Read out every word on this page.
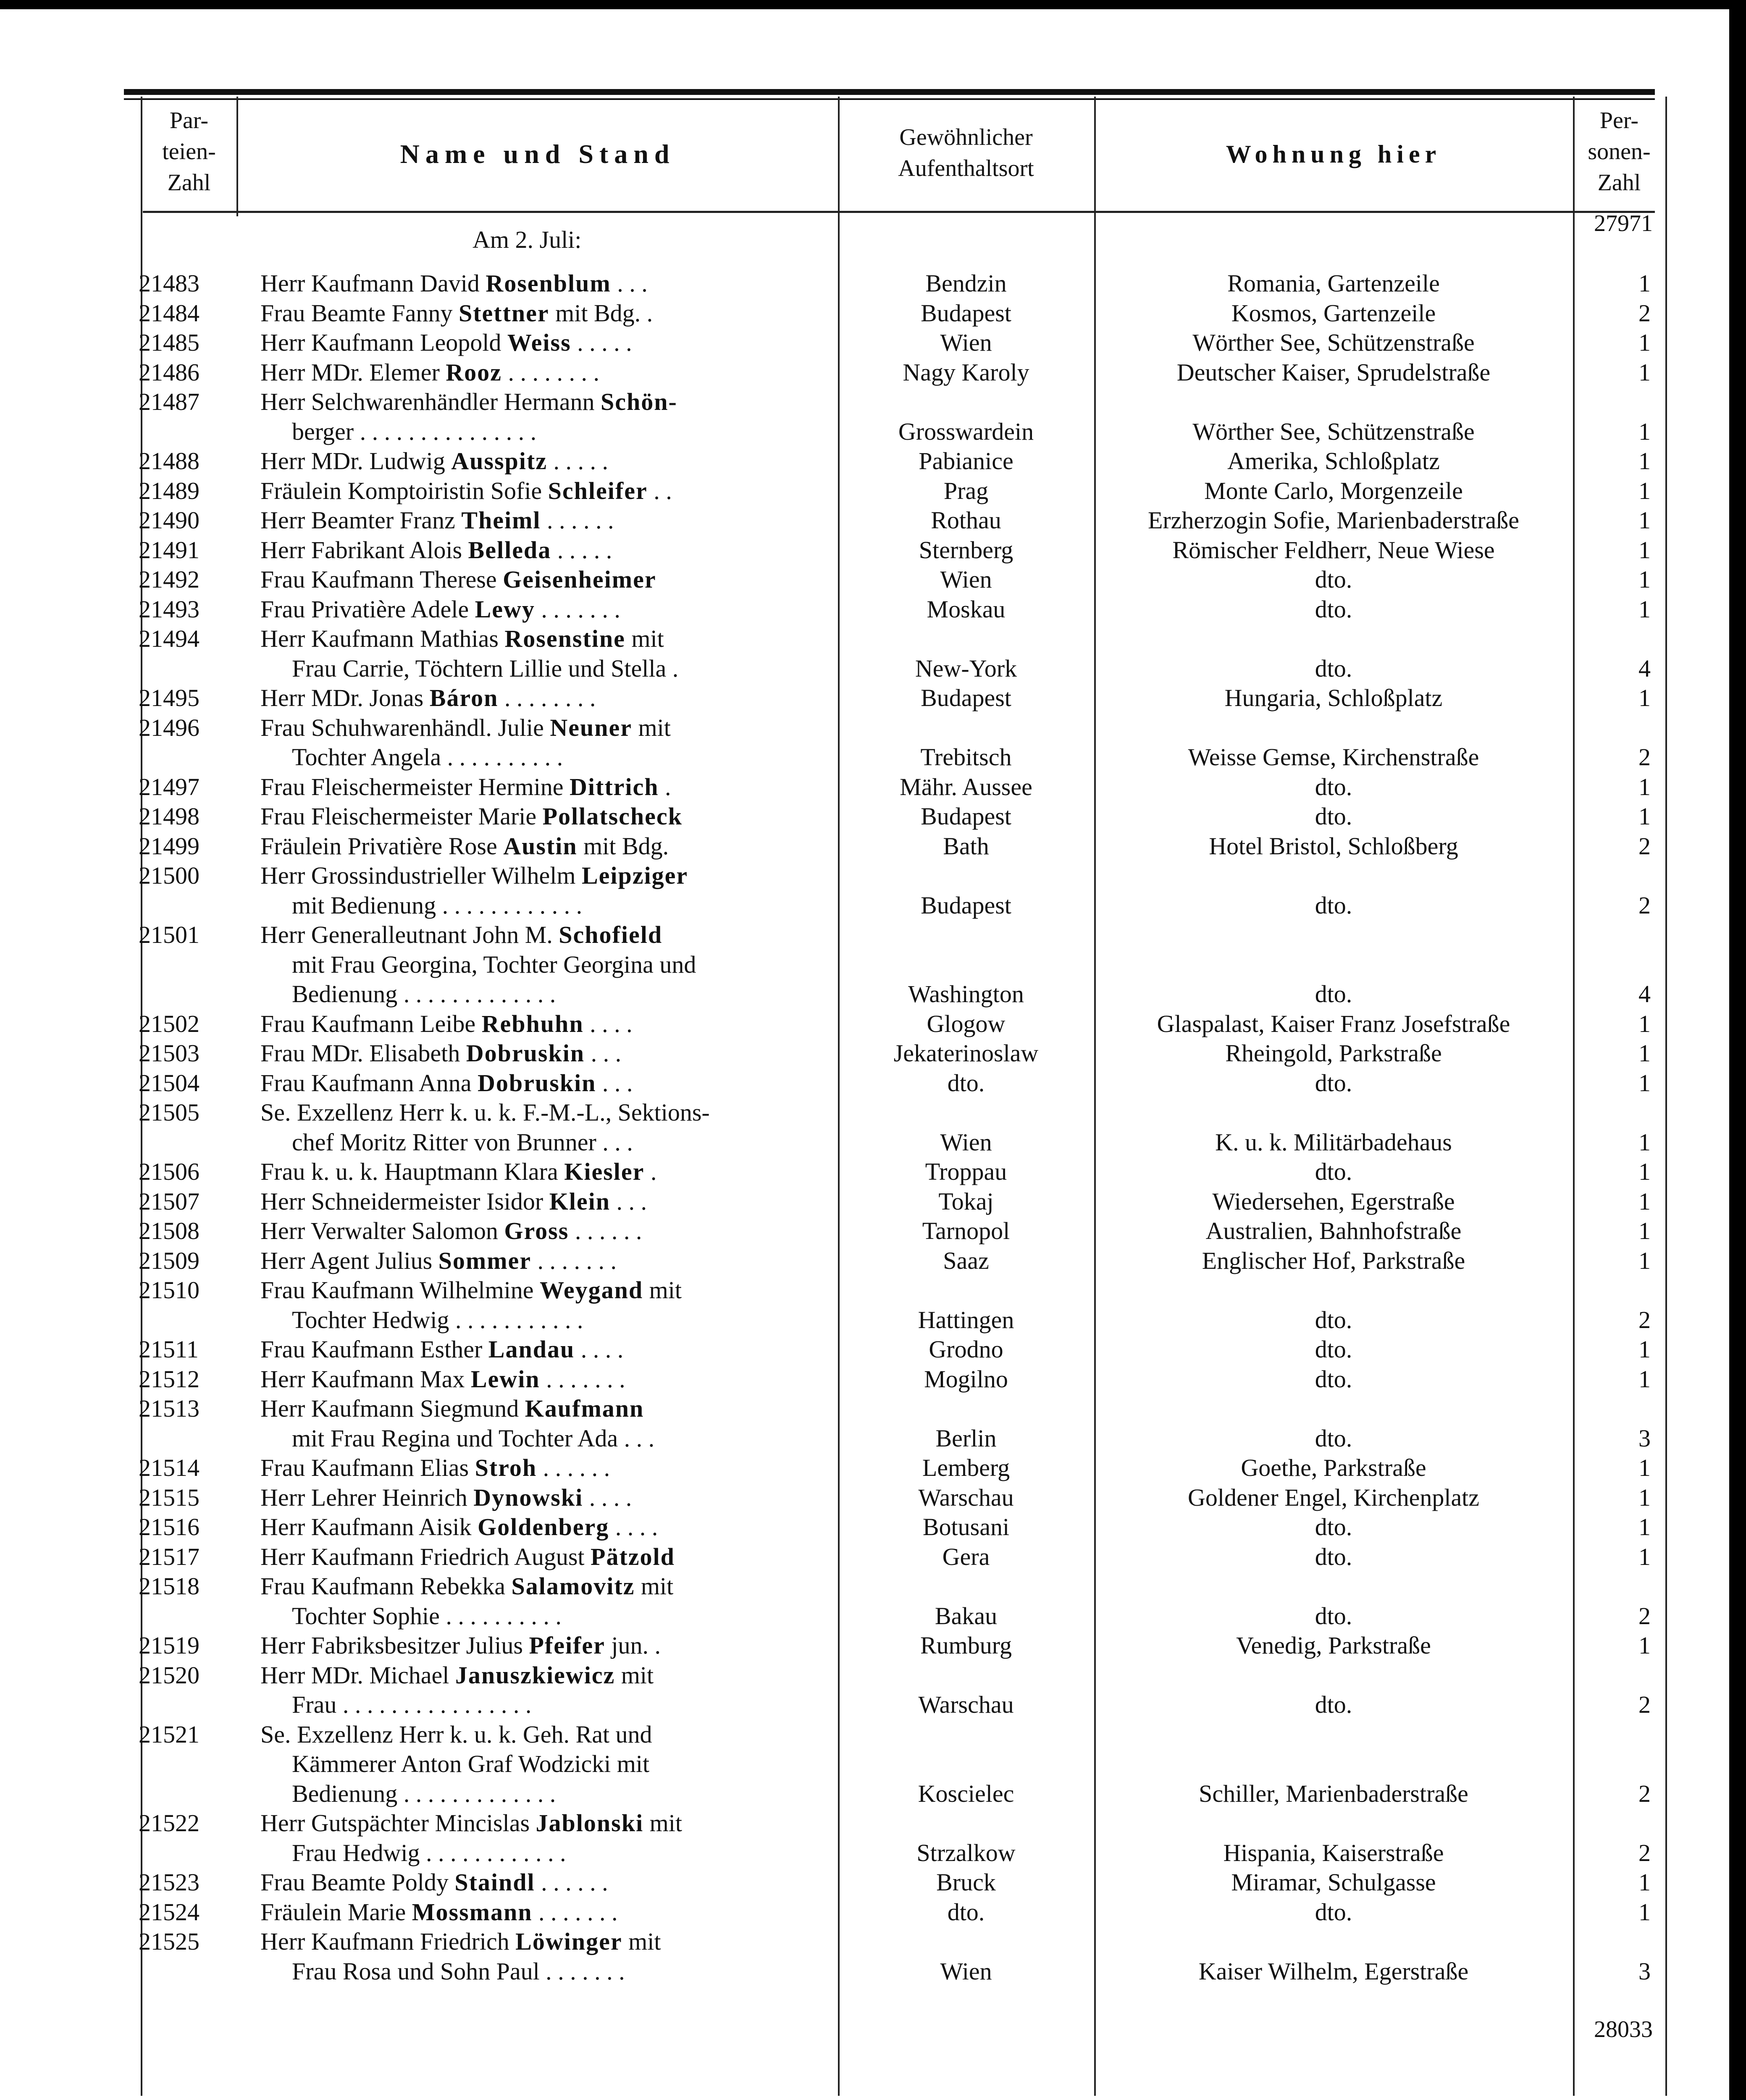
Par-
teien-
Zahl
Name und Stand
Gewöhnlicher
Aufenthaltsort
Wohnung hier
Per-
sonen-
Zahl
Am 2. Juli:
27971
28033
21483	Herr Kaufmann David Rosenblum . . .	Bendzin	Romania, Gartenzeile	1
21484	Frau Beamte Fanny Stettner mit Bdg. .	Budapest	Kosmos, Gartenzeile	2
21485	Herr Kaufmann Leopold Weiss . . . . .	Wien	Wörther See, Schützenstraße	1
21486	Herr MDr. Elemer Rooz . . . . . . . .	Nagy Karoly	Deutscher Kaiser, Sprudelstraße	1
21487	Herr Selchwarenhändler Hermann Schön-
berger . . . . . . . . . . . . . . .	Grosswardein	Wörther See, Schützenstraße	1
21488	Herr MDr. Ludwig Ausspitz . . . . .	Pabianice	Amerika, Schloßplatz	1
21489	Fräulein Komptoiristin Sofie Schleifer . .	Prag	Monte Carlo, Morgenzeile	1
21490	Herr Beamter Franz Theiml . . . . . .	Rothau	Erzherzogin Sofie, Marienbaderstraße	1
21491	Herr Fabrikant Alois Belleda . . . . .	Sternberg	Römischer Feldherr, Neue Wiese	1
21492	Frau Kaufmann Therese Geisenheimer	Wien	dto.	1
21493	Frau Privatière Adele Lewy . . . . . . .	Moskau	dto.	1
21494	Herr Kaufmann Mathias Rosenstine mit
Frau Carrie, Töchtern Lillie und Stella .	New-York	dto.	4
21495	Herr MDr. Jonas Báron . . . . . . . .	Budapest	Hungaria, Schloßplatz	1
21496	Frau Schuhwarenhändl. Julie Neuner mit
Tochter Angela . . . . . . . . . .	Trebitsch	Weisse Gemse, Kirchenstraße	2
21497	Frau Fleischermeister Hermine Dittrich .	Mähr. Aussee	dto.	1
21498	Frau Fleischermeister Marie Pollatscheck	Budapest	dto.	1
21499	Fräulein Privatière Rose Austin mit Bdg.	Bath	Hotel Bristol, Schloßberg	2
21500	Herr Grossindustrieller Wilhelm Leipziger
mit Bedienung . . . . . . . . . . . .	Budapest	dto.	2
21501	Herr Generalleutnant John M. Schofield
mit Frau Georgina, Tochter Georgina und
Bedienung . . . . . . . . . . . . .	Washington	dto.	4
21502	Frau Kaufmann Leibe Rebhuhn . . . .	Glogow	Glaspalast, Kaiser Franz Josefstraße	1
21503	Frau MDr. Elisabeth Dobruskin . . .	Jekaterinoslaw	Rheingold, Parkstraße	1
21504	Frau Kaufmann Anna Dobruskin . . .	dto.	dto.	1
21505	Se. Exzellenz Herr k. u. k. F.-M.-L., Sektions-
chef Moritz Ritter von Brunner . . .	Wien	K. u. k. Militärbadehaus	1
21506	Frau k. u. k. Hauptmann Klara Kiesler .	Troppau	dto.	1
21507	Herr Schneidermeister Isidor Klein . . .	Tokaj	Wiedersehen, Egerstraße	1
21508	Herr Verwalter Salomon Gross . . . . . .	Tarnopol	Australien, Bahnhofstraße	1
21509	Herr Agent Julius Sommer . . . . . . .	Saaz	Englischer Hof, Parkstraße	1
21510	Frau Kaufmann Wilhelmine Weygand mit
Tochter Hedwig . . . . . . . . . . .	Hattingen	dto.	2
21511	Frau Kaufmann Esther Landau . . . .	Grodno	dto.	1
21512	Herr Kaufmann Max Lewin . . . . . . .	Mogilno	dto.	1
21513	Herr Kaufmann Siegmund Kaufmann
mit Frau Regina und Tochter Ada . . .	Berlin	dto.	3
21514	Frau Kaufmann Elias Stroh . . . . . .	Lemberg	Goethe, Parkstraße	1
21515	Herr Lehrer Heinrich Dynowski . . . .	Warschau	Goldener Engel, Kirchenplatz	1
21516	Herr Kaufmann Aisik Goldenberg . . . .	Botusani	dto.	1
21517	Herr Kaufmann Friedrich August Pätzold	Gera	dto.	1
21518	Frau Kaufmann Rebekka Salamovitz mit
Tochter Sophie . . . . . . . . . .	Bakau	dto.	2
21519	Herr Fabriksbesitzer Julius Pfeifer jun. .	Rumburg	Venedig, Parkstraße	1
21520	Herr MDr. Michael Januszkiewicz mit
Frau . . . . . . . . . . . . . . . .	Warschau	dto.	2
21521	Se. Exzellenz Herr k. u. k. Geh. Rat und
Kämmerer Anton Graf Wodzicki mit
Bedienung . . . . . . . . . . . . .	Koscielec	Schiller, Marienbaderstraße	2
21522	Herr Gutspächter Mincislas Jablonski mit
Frau Hedwig . . . . . . . . . . . .	Strzalkow	Hispania, Kaiserstraße	2
21523	Frau Beamte Poldy Staindl . . . . . .	Bruck	Miramar, Schulgasse	1
21524	Fräulein Marie Mossmann . . . . . . .	dto.	dto.	1
21525	Herr Kaufmann Friedrich Löwinger mit
Frau Rosa und Sohn Paul . . . . . . .	Wien	Kaiser Wilhelm, Egerstraße	3
